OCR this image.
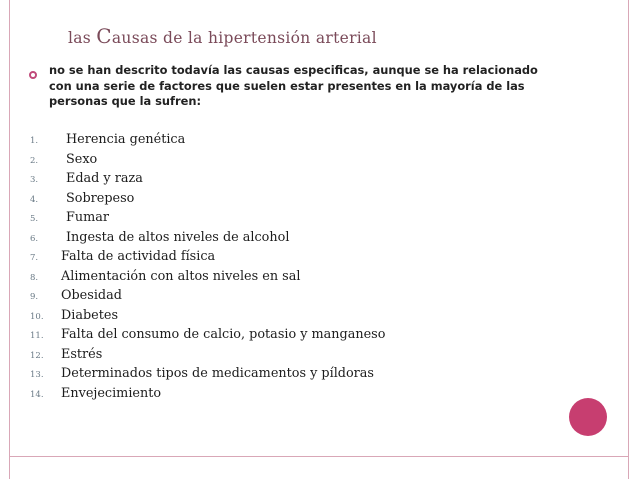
las Causas de la hipertensión arterial
no se han descrito todavía las causas especificas, aunque se ha relacionado
con una serie de factores que suelen estar presentes en la mayoría de las
personas que la sufren:
1. Herencia genética
2. Sexo
3. Edad y raza
4. Sobrepeso
5. Fumar
6. Ingesta de altos niveles de alcohol
7. Falta de actividad física
8. Alimentación con altos niveles en sal
9. Obesidad
10. Diabetes
11. Falta del consumo de calcio, potasio y manganeso
12. Estrés
13. Determinados tipos de medicamentos y píldoras
14. Envejecimiento
